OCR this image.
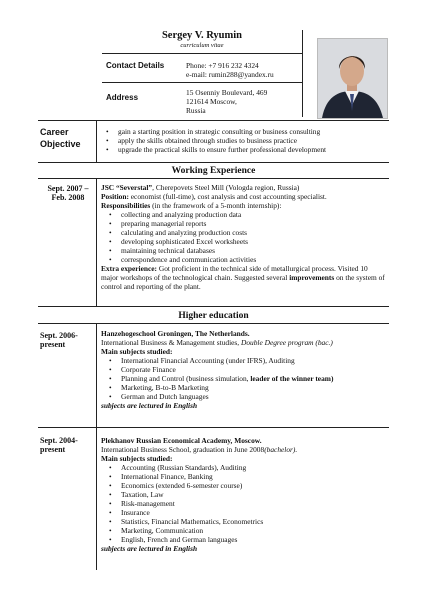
Sergey V. Ryumin
curriculum vitae
Contact Details	Phone: +7 916 232 4324
e-mail: rumin288@yandex.ru
Address
15 Osenniy Boulevard, 469
121614 Moscow,
Russia
Career
Objective
• gain a starting position in strategic consulting or business consulting
• apply the skills obtained through studies to business practice
• upgrade the practical skills to ensure further professional development
Working Experience
Sept. 2007 –
Feb. 2008
JSC “Severstal”, Cherepovets Steel Mill (Vologda region, Russia)
Position: economist (full-time), cost analysis and cost accounting specialist.
Responsibilities (in the framework of a 5-month internship):
• collecting and analyzing production data
• preparing managerial reports
• calculating and analyzing production costs
• developing sophisticated Excel worksheets
• maintaining technical databases
• correspondence and communication activities
Extra experience: Got proficient in the technical side of metallurgical process. Visited 10 major workshops of the technological chain. Suggested several improvements on the system of control and reporting of the plant.
Higher education
Sept. 2006-
present
Hanzehogeschool Groningen, The Netherlands.
International Business & Management studies, Double Degree program (bac.)
Main subjects studied:
• International Financial Accounting (under IFRS), Auditing
• Corporate Finance
• Planning and Control (business simulation, leader of the winner team)
• Marketing, B-to-B Marketing
• German and Dutch languages
subjects are lectured in English
Sept. 2004-
present
Plekhanov Russian Economical Academy, Moscow.
International Business School, graduation in June 2008(bachelor).
Main subjects studied:
• Accounting (Russian Standards), Auditing
• International Finance, Banking
• Economics (extended 6-semester course)
• Taxation, Law
• Risk-management
• Insurance
• Statistics, Financial Mathematics, Econometrics
• Marketing, Communication
• English, French and German languages
subjects are lectured in English
